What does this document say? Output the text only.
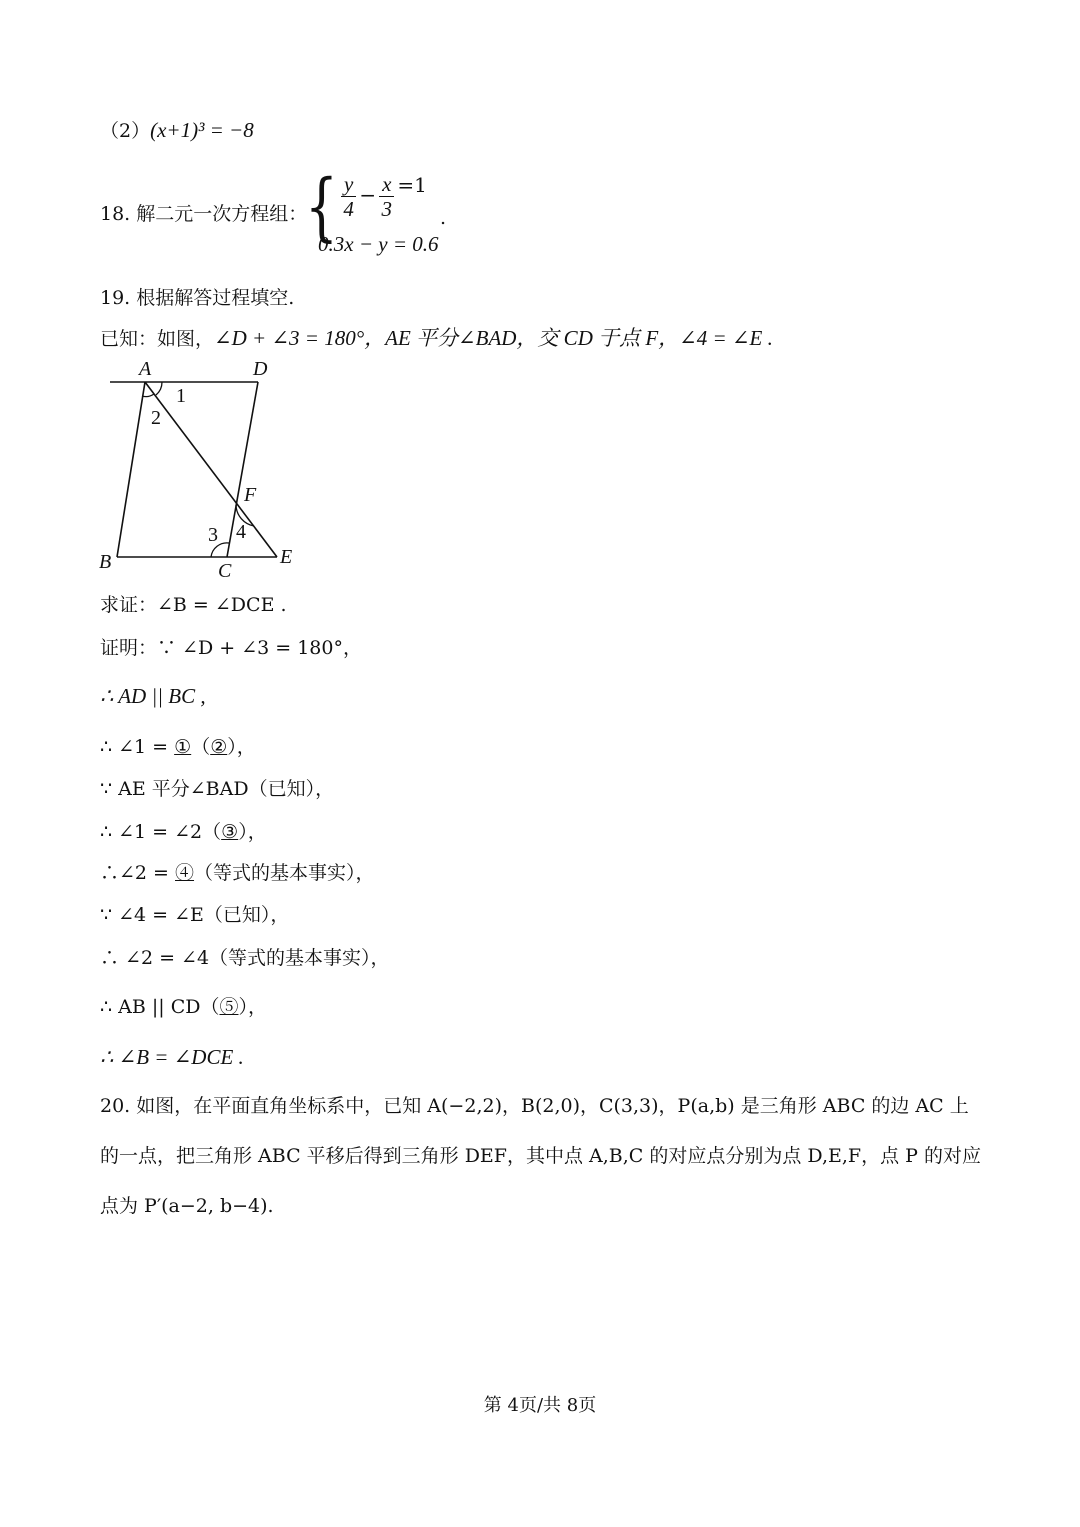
（2）(x+1)³ = −8
18. 解二元一次方程组：
{ $\frac{y}{4} - \frac{x}{3} =1$
0.3x − y = 0.6
.
19. 根据解答过程填空.
已知：如图，∠D + ∠3 = 180°，AE 平分∠BAD，交 CD 于点 F，∠4 = ∠E .
A	D
B	C
E
F
1
2
3 4
求证：∠B = ∠DCE .
证明：∵ ∠D + ∠3 = 180°，
∴ AD || BC ,
∴ ∠1 = ①（②），
∵ AE 平分∠BAD（已知），
∴ ∠1 = ∠2（③），
∴∠2 = ④（等式的基本事实），
∵ ∠4 = ∠E（已知），
∴ ∠2 = ∠4（等式的基本事实），
∴ AB || CD（⑤），
∴ ∠B = ∠DCE .
20. 如图，在平面直角坐标系中，已知 A(−2,2)，B(2,0)，C(3,3)，P(a,b) 是三角形 ABC 的边 AC 上
的一点，把三角形 ABC 平移后得到三角形 DEF，其中点 A,B,C 的对应点分别为点 D,E,F，点 P 的对应
点为 P′(a−2, b−4).
第 4页/共 8页
